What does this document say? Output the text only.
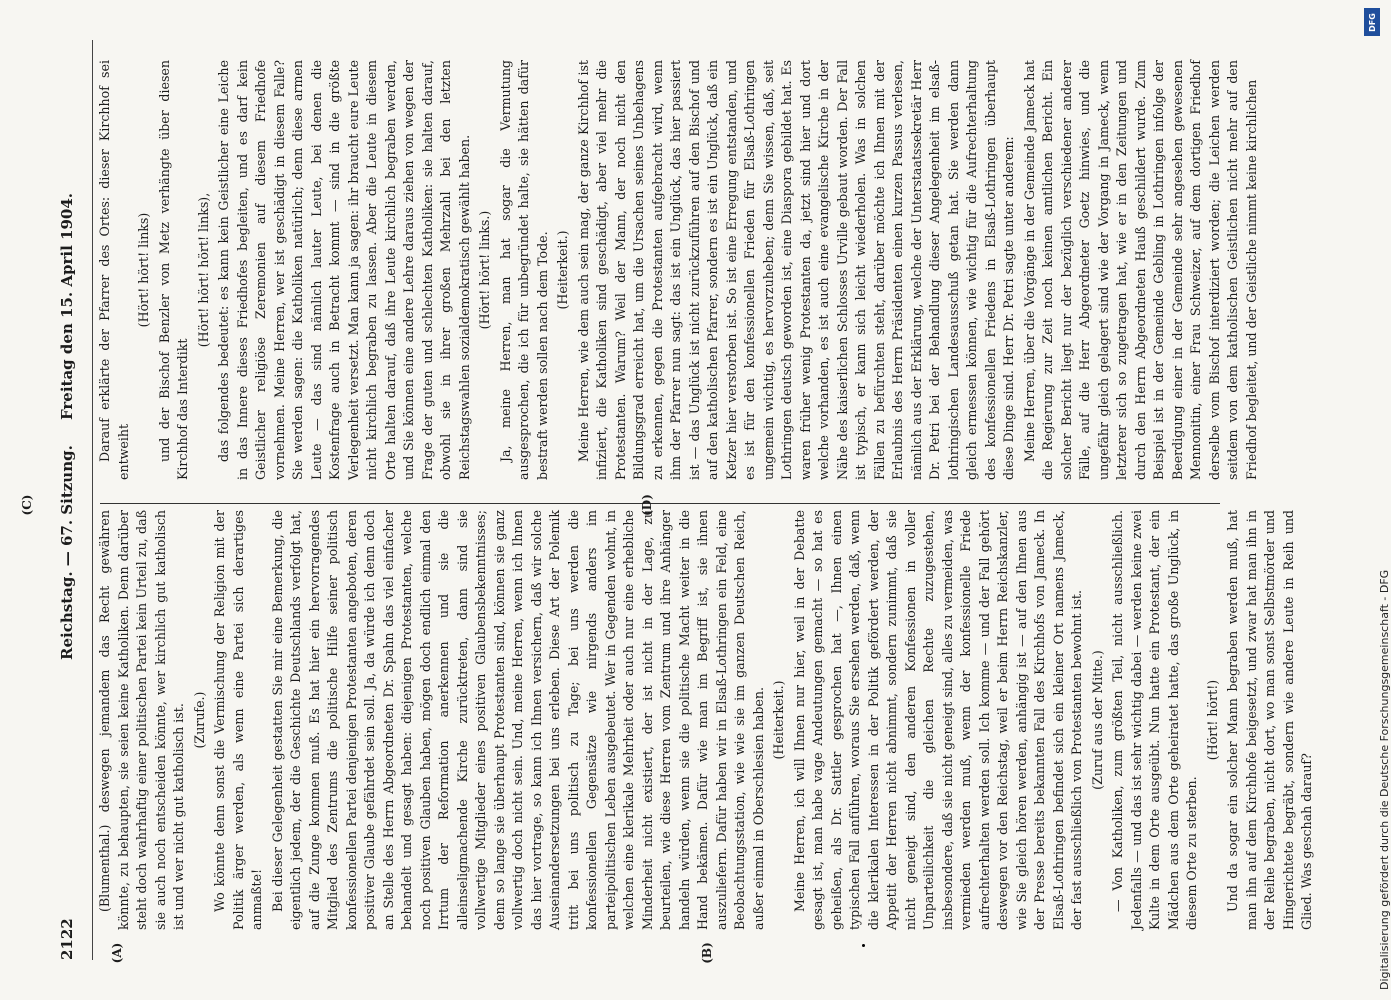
2122
Reichstag. — 67. Sitzung.
Freitag den 15. April 1904.
(A)	(B)
(C)	(D)

(Blumenthal.) deswegen jemandem das Recht gewähren könnte, zu behaupten, sie seien keine Katholiken. Denn darüber steht doch wahrhaftig einer politischen Partei kein Urteil zu, daß sie auch noch entscheiden könnte, wer kirchlich gut katholisch ist und wer nicht gut katholisch ist. (Zurufe.) Wo könnte denn sonst die Vermischung der Religion mit der Politik ärger werden, als wenn eine Partei sich derartiges anmaßte! Bei dieser Gelegenheit gestatten Sie mir eine Bemerkung, die eigentlich jedem, der die Geschichte Deutschlands verfolgt hat, auf die Zunge kommen muß. Es hat hier ein hervorragendes Mitglied des Zentrums die politische Hilfe seiner politisch konfessionellen Partei denjenigen Protestanten angeboten, deren positiver Glaube gefährdet sein soll. Ja, da würde ich denn doch an Stelle des Herrn Abgeordneten Dr. Spahn das viel einfacher behandelt und gesagt haben: diejenigen Protestanten, welche noch positiven Glauben haben, mögen doch endlich einmal den Irrtum der Reformation anerkennen und sie die alleinseligmachende Kirche zurücktreten, dann sind sie vollwertige Mitglieder eines positiven Glaubensbekenntnisses; denn so lange sie überhaupt Protestanten sind, können sie ganz vollwertig doch nicht sein. Und, meine Herren, wenn ich Ihnen das hier vortrage, so kann ich Ihnen versichern, daß wir solche Auseinandersetzungen bei uns erleben. Diese Art der Polemik tritt bei uns politisch zu Tage; bei uns werden die konfessionellen Gegensätze wie nirgends anders im parteipolitischen Leben ausgebeutet. Wer in Gegenden wohnt, in welchen eine klerikale Mehrheit oder auch nur eine erhebliche Minderheit nicht existiert, der ist nicht in der Lage, zu beurteilen, wie diese Herren vom Zentrum und ihre Anhänger handeln würden, wenn sie die politische Macht weiter in die Hand bekämen. Dafür wie man im Begriff ist, sie ihnen auszuliefern. Dafür haben wir in Elsaß-Lothringen ein Feld, eine Beobachtungsstation, wie wie sie im ganzen Deutschen Reich, außer einmal in Oberschlesien haben. (Heiterkeit.) Meine Herren, ich will Ihnen nur hier, weil in der Debatte gesagt ist, man habe vage Andeutungen gemacht — so hat es geheißen, als Dr. Sattler gesprochen hat —, Ihnen einen typischen Fall anführen, woraus Sie ersehen werden, daß, wenn die klerikalen Interessen in der Politik gefördert werden, der Appetit der Herren nicht abnimmt, sondern zunimmt, daß sie nicht geneigt sind, den anderen Konfessionen in voller Unparteilichkeit die gleichen Rechte zuzugestehen, insbesondere, daß sie nicht geneigt sind, alles zu vermeiden, was vermieden werden muß, wenn der konfessionelle Friede aufrechterhalten werden soll. Ich komme — und der Fall gehört deswegen vor den Reichstag, weil er beim Herrn Reichskanzler, wie Sie gleich hören werden, anhängig ist — auf den Ihnen aus der Presse bereits bekannten Fall des Kirchhofs von Jameck. In Elsaß-Lothringen befindet sich ein kleiner Ort namens Jameck, der fast ausschließlich von Protestanten bewohnt ist. (Zuruf aus der Mitte.) — Von Katholiken, zum größten Teil, nicht ausschließlich. Jedenfalls — und das ist sehr wichtig dabei — werden keine zwei Kulte in dem Orte ausgeübt. Nun hatte ein Protestant, der ein Mädchen aus dem Orte geheiratet hatte, das große Unglück, in diesem Orte zu sterben.

(Hört! hört!) Und da sogar ein solcher Mann begraben werden muß, hat man ihn auf dem Kirchhofe beigesetzt, und zwar hat man ihn in der Reihe begraben, nicht dort, wo man sonst Selbstmörder und Hingerichtete begräbt, sondern wie andere Leute in Reih und Glied. Was geschah darauf?

Darauf erklärte der Pfarrer des Ortes: dieser Kirchhof sei entweiht

(Hört! hört! links) und der Bischof Benzler von Metz verhängte über diesen Kirchhof das Interdikt

(Hört! hört! hört! links), das folgendes bedeutet: es kann kein Geistlicher eine Leiche in das Innere dieses Friedhofes begleiten, und es darf kein Geistlicher religiöse Zeremonien auf diesem Friedhofe vornehmen. Meine Herren, wer ist geschädigt in diesem Falle? Sie werden sagen: die Katholiken natürlich; denn diese armen Leute — das sind nämlich lauter Leute, bei denen die Kostenfrage auch in Betracht kommt — sind in die größte Verlegenheit versetzt. Man kann ja sagen: ihr braucht eure Leute nicht kirchlich begraben zu lassen. Aber die Leute in diesem Orte halten darauf, daß ihre Leute kirchlich begraben werden, und Sie können eine andere Lehre daraus ziehen von wegen der Frage der guten und schlechten Katholiken: sie halten darauf, obwohl sie in ihrer großen Mehrzahl bei den letzten Reichstagswahlen sozialdemokratisch gewählt haben. (Hört! hört! links.) Ja, meine Herren, man hat sogar die Vermutung ausgesprochen, die ich für unbegründet halte, sie hätten dafür bestraft werden sollen nach dem Tode. (Heiterkeit.) Meine Herren, wie dem auch sein mag, der ganze Kirchhof ist infiziert, die Katholiken sind geschädigt, aber viel mehr die Protestanten. Warum? Weil der Mann, der noch nicht den Bildungsgrad erreicht hat, um die Ursachen seines Unbehagens zu erkennen, gegen die Protestanten aufgebracht wird, wenn ihm der Pfarrer nun sagt: das ist ein Unglück, das hier passiert ist — das Unglück ist nicht zurückzuführen auf den Bischof und auf den katholischen Pfarrer, sondern es ist ein Unglück, daß ein Ketzer hier verstorben ist. So ist eine Erregung entstanden, und es ist für den konfessionellen Frieden für Elsaß-Lothringen ungemein wichtig, es hervorzuheben; denn Sie wissen, daß, seit Lothringen deutsch geworden ist, eine Diaspora gebildet hat. Es waren früher wenig Protestanten da, jetzt sind hier und dort welche vorhanden, es ist auch eine evangelische Kirche in der Nähe des kaiserlichen Schlosses Urville gebaut worden. Der Fall ist typisch, er kann sich leicht wiederholen. Was in solchen Fällen zu befürchten steht, darüber möchte ich Ihnen mit der Erlaubnis des Herrn Präsidenten einen kurzen Passus verlesen, nämlich aus der Erklärung, welche der Unterstaatssekretär Herr Dr. Petri bei der Behandlung dieser Angelegenheit im elsaß-lothringischen Landesausschuß getan hat. Sie werden dann gleich ermessen können, wie wichtig für die Aufrechterhaltung des konfessionellen Friedens in Elsaß-Lothringen überhaupt diese Dinge sind. Herr Dr. Petri sagte unter anderem: Meine Herren, über die Vorgänge in der Gemeinde Jameck hat die Regierung zur Zeit noch keinen amtlichen Bericht. Ein solcher Bericht liegt nur der bezüglich verschiedener anderer Fälle, auf die Herr Abgeordneter Goetz hinwies, und die ungefähr gleich gelagert sind wie der Vorgang in Jameck, wenn letzterer sich so zugetragen hat, wie er in den Zeitungen und durch den Herrn Abgeordneten Hauß geschildert wurde. Zum Beispiel ist in der Gemeinde Gebling in Lothringen infolge der Beerdigung einer in der Gemeinde sehr angesehen gewesenen Mennonitin, einer Frau Schweizer, auf dem dortigen Friedhof derselbe vom Bischof interdiziert worden; die Leichen werden seitdem von dem katholischen Geistlichen nicht mehr auf den Friedhof begleitet, und der Geistliche nimmt keine kirchlichen

DFG
Digitalisierung gefördert durch die Deutsche Forschungsgemeinschaft - DFG
